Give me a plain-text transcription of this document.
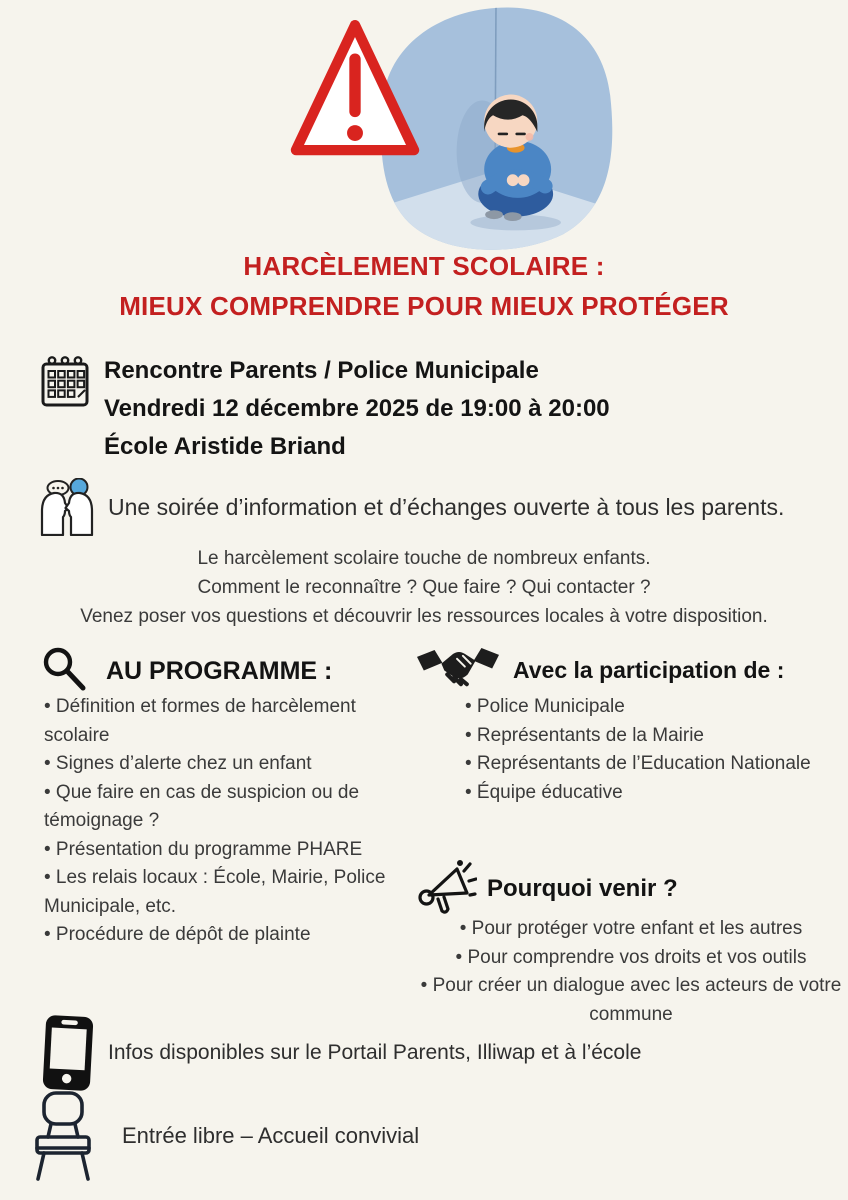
HARCÈLEMENT SCOLAIRE :
MIEUX COMPRENDRE POUR MIEUX PROTÉGER
Rencontre Parents / Police Municipale
Vendredi 12 décembre 2025 de 19:00 à 20:00
École Aristide Briand
Une soirée d’information et d’échanges ouverte à tous les parents.
Le harcèlement scolaire touche de nombreux enfants.
Comment le reconnaître ? Que faire ? Qui contacter ?
Venez poser vos questions et découvrir les ressources locales à votre disposition.
AU PROGRAMME :
• Définition et formes de harcèlement scolaire
• Signes d’alerte chez un enfant
• Que faire en cas de suspicion ou de témoignage ?
• Présentation du programme PHARE
• Les relais locaux : École, Mairie, Police Municipale, etc.
• Procédure de dépôt de plainte
Avec la participation de :
• Police Municipale
• Représentants de la Mairie
• Représentants de l’Education Nationale
• Équipe éducative
Pourquoi venir ?
• Pour protéger votre enfant et les autres
• Pour comprendre vos droits et vos outils
• Pour créer un dialogue avec les acteurs de votre commune
Infos disponibles sur le Portail Parents, Illiwap et à l’école
Entrée libre – Accueil convivial
